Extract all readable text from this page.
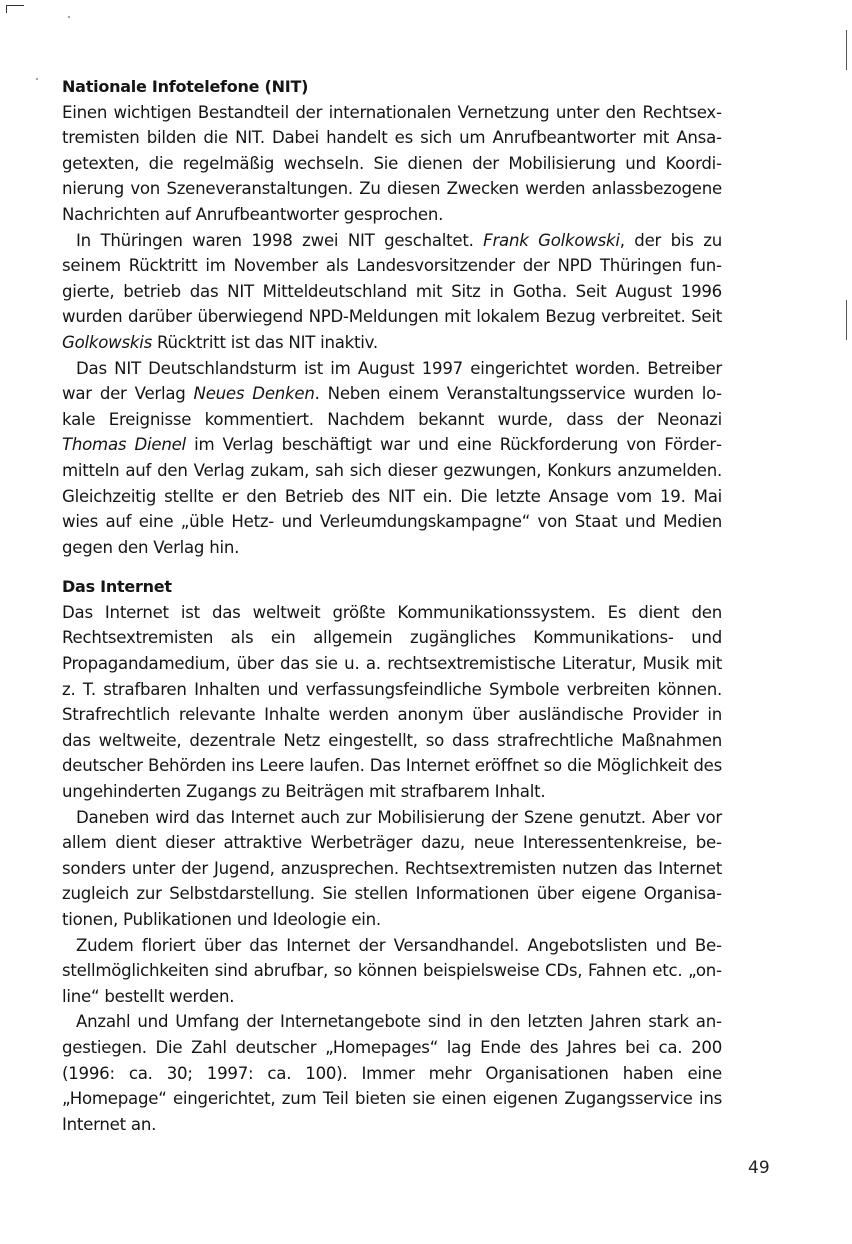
Nationale Infotelefone (NIT)

Einen wichtigen Bestandteil der internationalen Vernetzung unter den Rechtsextremisten bilden die NIT. Dabei handelt es sich um Anrufbeantworter mit Ansagetexten, die regelmäßig wechseln. Sie dienen der Mobilisierung und Koordinierung von Szeneveranstaltungen. Zu diesen Zwecken werden anlassbezogene Nachrichten auf Anrufbeantworter gesprochen.

In Thüringen waren 1998 zwei NIT geschaltet. Frank Golkowski, der bis zu seinem Rücktritt im November als Landesvorsitzender der NPD Thüringen fungierte, betrieb das NIT Mitteldeutschland mit Sitz in Gotha. Seit August 1996 wurden darüber überwiegend NPD-Meldungen mit lokalem Bezug verbreitet. Seit Golkowskis Rücktritt ist das NIT inaktiv.

Das NIT Deutschlandsturm ist im August 1997 eingerichtet worden. Betreiber war der Verlag Neues Denken. Neben einem Veranstaltungsservice wurden lokale Ereignisse kommentiert. Nachdem bekannt wurde, dass der Neonazi Thomas Dienel im Verlag beschäftigt war und eine Rückforderung von Fördermitteln auf den Verlag zukam, sah sich dieser gezwungen, Konkurs anzumelden. Gleichzeitig stellte er den Betrieb des NIT ein. Die letzte Ansage vom 19. Mai wies auf eine „üble Hetz- und Verleumdungskampagne“ von Staat und Medien gegen den Verlag hin.

Das Internet

Das Internet ist das weltweit größte Kommunikationssystem. Es dient den Rechtsextremisten als ein allgemein zugängliches Kommunikations- und Propagandamedium, über das sie u. a. rechtsextremistische Literatur, Musik mit z. T. strafbaren Inhalten und verfassungsfeindliche Symbole verbreiten können. Strafrechtlich relevante Inhalte werden anonym über ausländische Provider in das weltweite, dezentrale Netz eingestellt, so dass strafrechtliche Maßnahmen deutscher Behörden ins Leere laufen. Das Internet eröffnet so die Möglichkeit des ungehinderten Zugangs zu Beiträgen mit strafbarem Inhalt.

Daneben wird das Internet auch zur Mobilisierung der Szene genutzt. Aber vor allem dient dieser attraktive Werbeträger dazu, neue Interessentenkreise, besonders unter der Jugend, anzusprechen. Rechtsextremisten nutzen das Internet zugleich zur Selbstdarstellung. Sie stellen Informationen über eigene Organisationen, Publikationen und Ideologie ein.

Zudem floriert über das Internet der Versandhandel. Angebotslisten und Bestellmöglichkeiten sind abrufbar, so können beispielsweise CDs, Fahnen etc. „online“ bestellt werden.

Anzahl und Umfang der Internetangebote sind in den letzten Jahren stark angestiegen. Die Zahl deutscher „Homepages“ lag Ende des Jahres bei ca. 200 (1996: ca. 30; 1997: ca. 100). Immer mehr Organisationen haben eine „Homepage“ eingerichtet, zum Teil bieten sie einen eigenen Zugangsservice ins Internet an.

49
